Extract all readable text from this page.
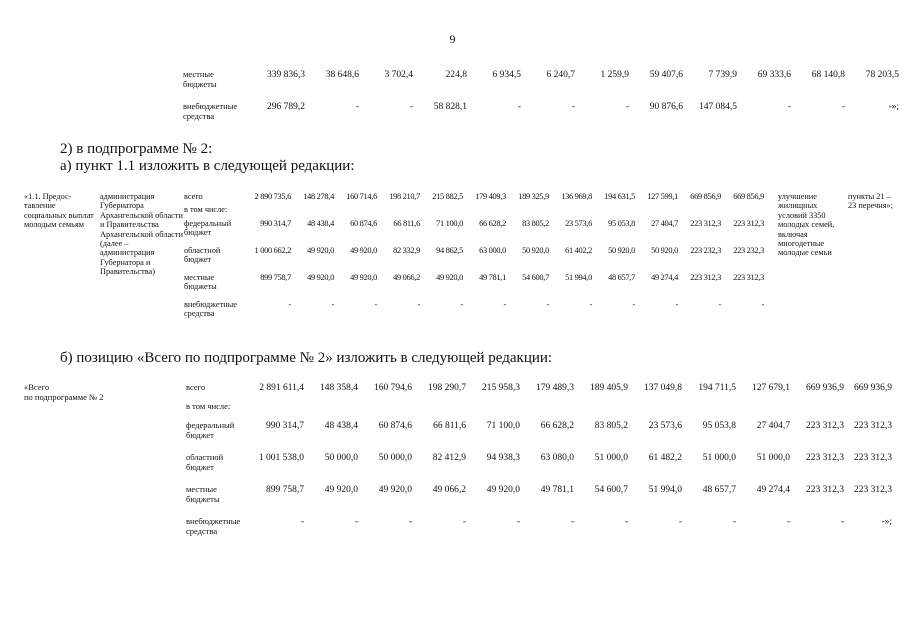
9
местные
бюджеты	339 836,3	38 648,6	3 702,4	224,8	6 934,5	6 240,7	1 259,9	59 407,6	7 739,9	69 333,6	68 140,8	78 203,5

внебюджетные
средства	296 789,2	-	-	58 828,1	-	-	-	90 876,6	147 084,5	-	-	-»;
2) в подпрограмме № 2:
а) пункт 1.1 изложить в следующей редакции:
«1.1. Предос-тавление социальных выплат молодым семьям	администрация Губернатора Архангельской области и Правительства Архангельской области (далее – администрация Губернатора и Правительства)	всего	2 890 735,6	148 278,4	160 714,6	198 210,7	215 882,5	179 409,3	189 325,9	136 969,8	194 631,5	127 599,1	669 856,9	669 856,9	улучшение жилищных условий 3350 молодых семей, включая многодетные молодые семьи	пункты 21 – 23 перечня»;

		в том числе:														

		федеральный
бюджет	990 314,7	48 438,4	60 874,6	66 811,6	71 100,0	66 628,2	83 805,2	23 573,6	95 053,8	27 404,7	223 312,3	223 312,3		

		областной
бюджет	1 000 662,2	49 920,0	49 920,0	82 332,9	94 862,5	63 000,0	50 920,0	61 402,2	50 920,0	50 920,0	223 232,3	223 232,3		

		местные
бюджеты	899 758,7	49 920,0	49 920,0	49 066,2	49 920,0	49 781,1	54 600,7	51 994,0	48 657,7	49 274,4	223 312,3	223 312,3		

		внебюджетные
средства	-	-	-	-	-	-	-	-	-	-	-	-		
б) позицию «Всего по подпрограмме № 2» изложить в следующей редакции:
«Всего
по подпрограмме № 2	всего	2 891 611,4	148 358,4	160 794,6	198 290,7	215 958,3	179 489,3	189 405,9	137 049,8	194 711,5	127 679,1	669 936,9	669 936,9

	в том числе:												

	федеральный
бюджет	990 314,7	48 438,4	60 874,6	66 811,6	71 100,0	66 628,2	83 805,2	23 573,6	95 053,8	27 404,7	223 312,3	223 312,3

	областной
бюджет	1 001 538,0	50 000,0	50 000,0	82 412,9	94 938,3	63 080,0	51 000,0	61 482,2	51 000,0	51 000,0	223 312,3	223 312,3

	местные
бюджеты	899 758,7	49 920,0	49 920,0	49 066,2	49 920,0	49 781,1	54 600,7	51 994,0	48 657,7	49 274,4	223 312,3	223 312,3

	внебюджетные
средства	-	-	-	-	-	-	-	-	-	-	-	-»;
